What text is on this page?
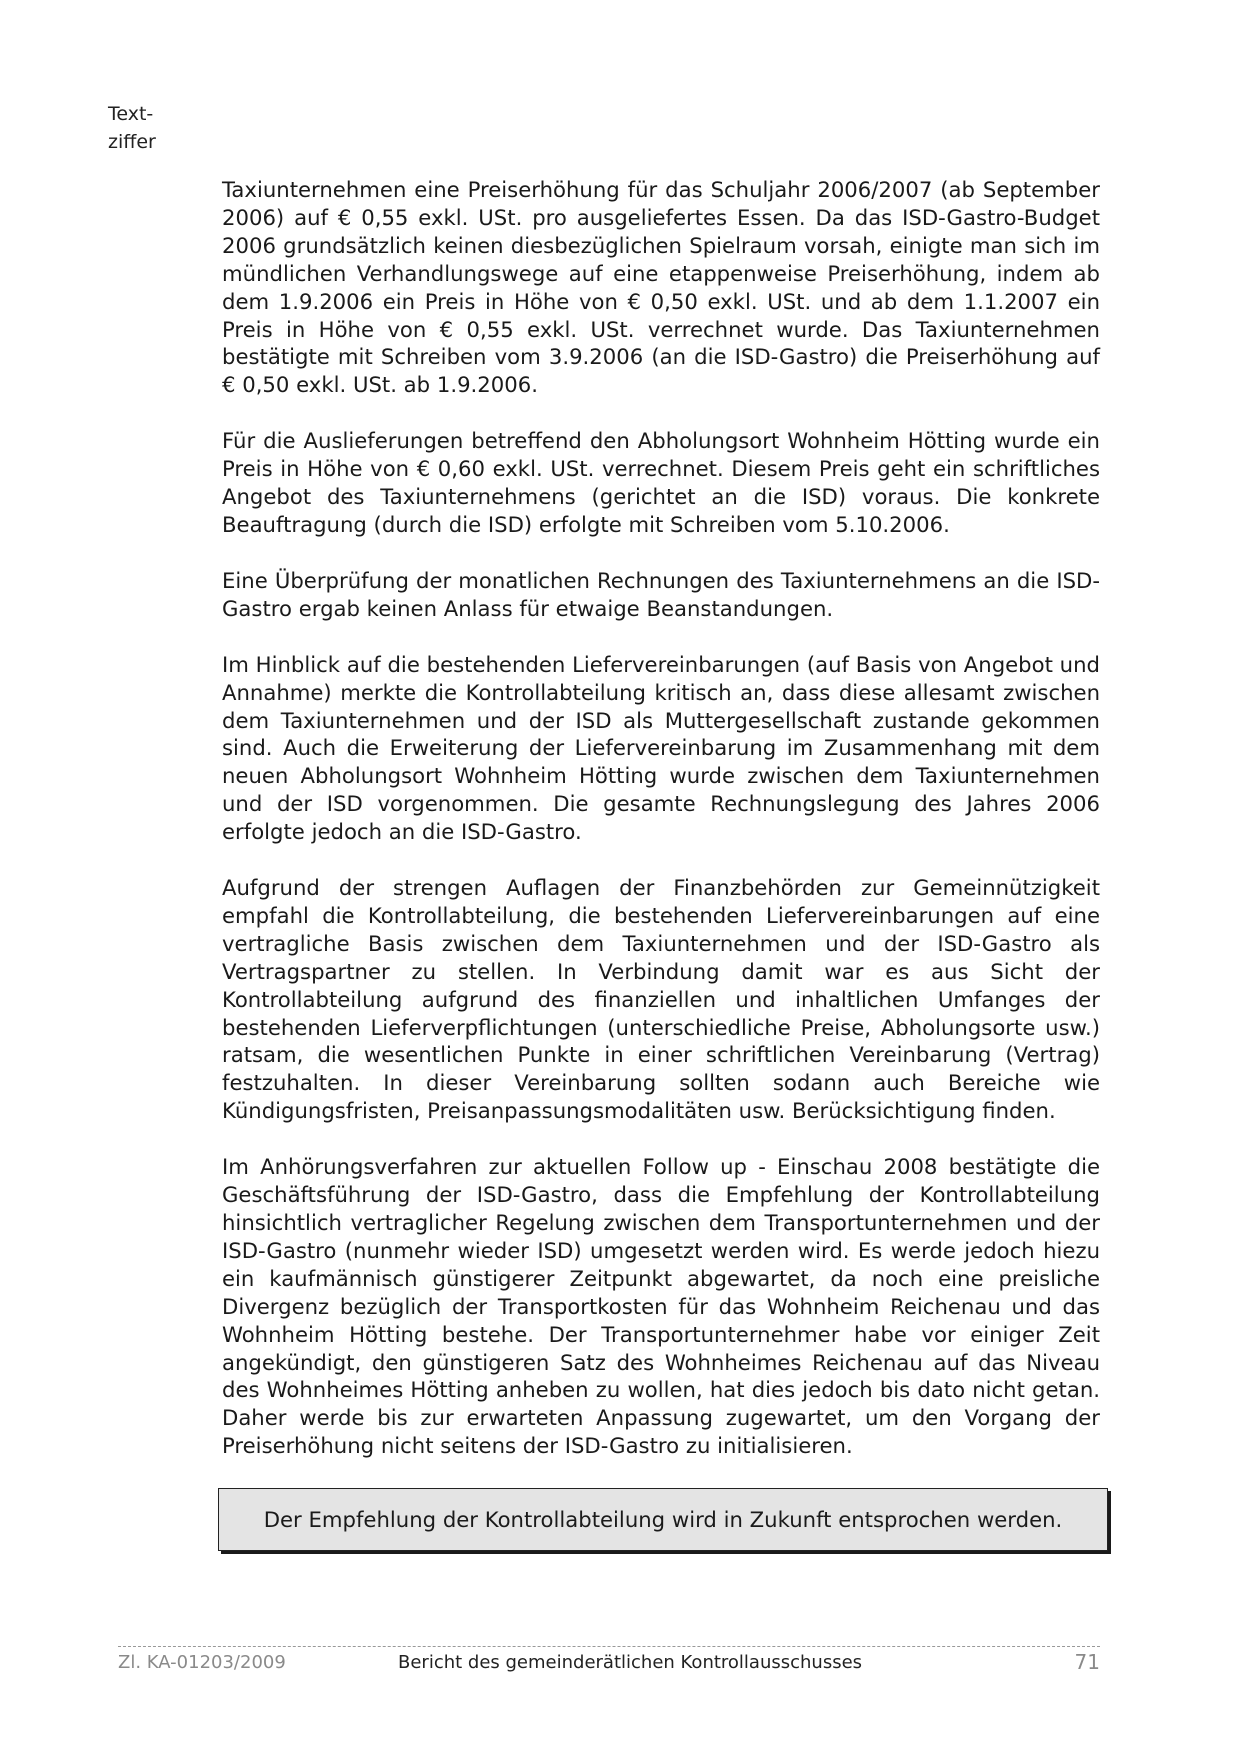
Text-
ziffer

Taxiunternehmen eine Preiserhöhung für das Schuljahr 2006/2007 (ab September 2006) auf € 0,55 exkl. USt. pro ausgeliefertes Essen. Da das ISD-Gastro-Budget 2006 grundsätzlich keinen diesbezüglichen Spielraum vorsah, einigte man sich im mündlichen Verhandlungswege auf eine etappenweise Preiserhöhung, indem ab dem 1.9.2006 ein Preis in Höhe von € 0,50 exkl. USt. und ab dem 1.1.2007 ein Preis in Höhe von € 0,55 exkl. USt. verrechnet wurde. Das Taxiunternehmen bestätigte mit Schreiben vom 3.9.2006 (an die ISD-Gastro) die Preiserhöhung auf € 0,50 exkl. USt. ab 1.9.2006.

Für die Auslieferungen betreffend den Abholungsort Wohnheim Hötting wurde ein Preis in Höhe von € 0,60 exkl. USt. verrechnet. Diesem Preis geht ein schriftliches Angebot des Taxiunternehmens (gerichtet an die ISD) voraus. Die konkrete Beauftragung (durch die ISD) erfolgte mit Schreiben vom 5.10.2006.

Eine Überprüfung der monatlichen Rechnungen des Taxiunternehmens an die ISD-Gastro ergab keinen Anlass für etwaige Beanstandungen.

Im Hinblick auf die bestehenden Liefervereinbarungen (auf Basis von Angebot und Annahme) merkte die Kontrollabteilung kritisch an, dass diese allesamt zwischen dem Taxiunternehmen und der ISD als Muttergesellschaft zustande gekommen sind. Auch die Erweiterung der Liefervereinbarung im Zusammenhang mit dem neuen Abholungsort Wohnheim Hötting wurde zwischen dem Taxiunternehmen und der ISD vorgenommen. Die gesamte Rechnungslegung des Jahres 2006 erfolgte jedoch an die ISD-Gastro.

Aufgrund der strengen Auflagen der Finanzbehörden zur Gemeinnützigkeit empfahl die Kontrollabteilung, die bestehenden Liefervereinbarungen auf eine vertragliche Basis zwischen dem Taxiunternehmen und der ISD-Gastro als Vertragspartner zu stellen. In Verbindung damit war es aus Sicht der Kontrollabteilung aufgrund des finanziellen und inhaltlichen Umfanges der bestehenden Lieferverpflichtungen (unterschiedliche Preise, Abholungsorte usw.) ratsam, die wesentlichen Punkte in einer schriftlichen Vereinbarung (Vertrag) festzuhalten. In dieser Vereinbarung sollten sodann auch Bereiche wie Kündigungsfristen, Preisanpassungsmodalitäten usw. Berücksichtigung finden.

Im Anhörungsverfahren zur aktuellen Follow up - Einschau 2008 bestätigte die Geschäftsführung der ISD-Gastro, dass die Empfehlung der Kontrollabteilung hinsichtlich vertraglicher Regelung zwischen dem Transportunternehmen und der ISD-Gastro (nunmehr wieder ISD) umgesetzt werden wird. Es werde jedoch hiezu ein kaufmännisch günstigerer Zeitpunkt abgewartet, da noch eine preisliche Divergenz bezüglich der Transportkosten für das Wohnheim Reichenau und das Wohnheim Hötting bestehe. Der Transportunternehmer habe vor einiger Zeit angekündigt, den günstigeren Satz des Wohnheimes Reichenau auf das Niveau des Wohnheimes Hötting anheben zu wollen, hat dies jedoch bis dato nicht getan. Daher werde bis zur erwarteten Anpassung zugewartet, um den Vorgang der Preiserhöhung nicht seitens der ISD-Gastro zu initialisieren.

Der Empfehlung der Kontrollabteilung wird in Zukunft entsprochen werden.
Zl. KA-01203/2009	Bericht des gemeinderätlichen Kontrollausschusses	71
